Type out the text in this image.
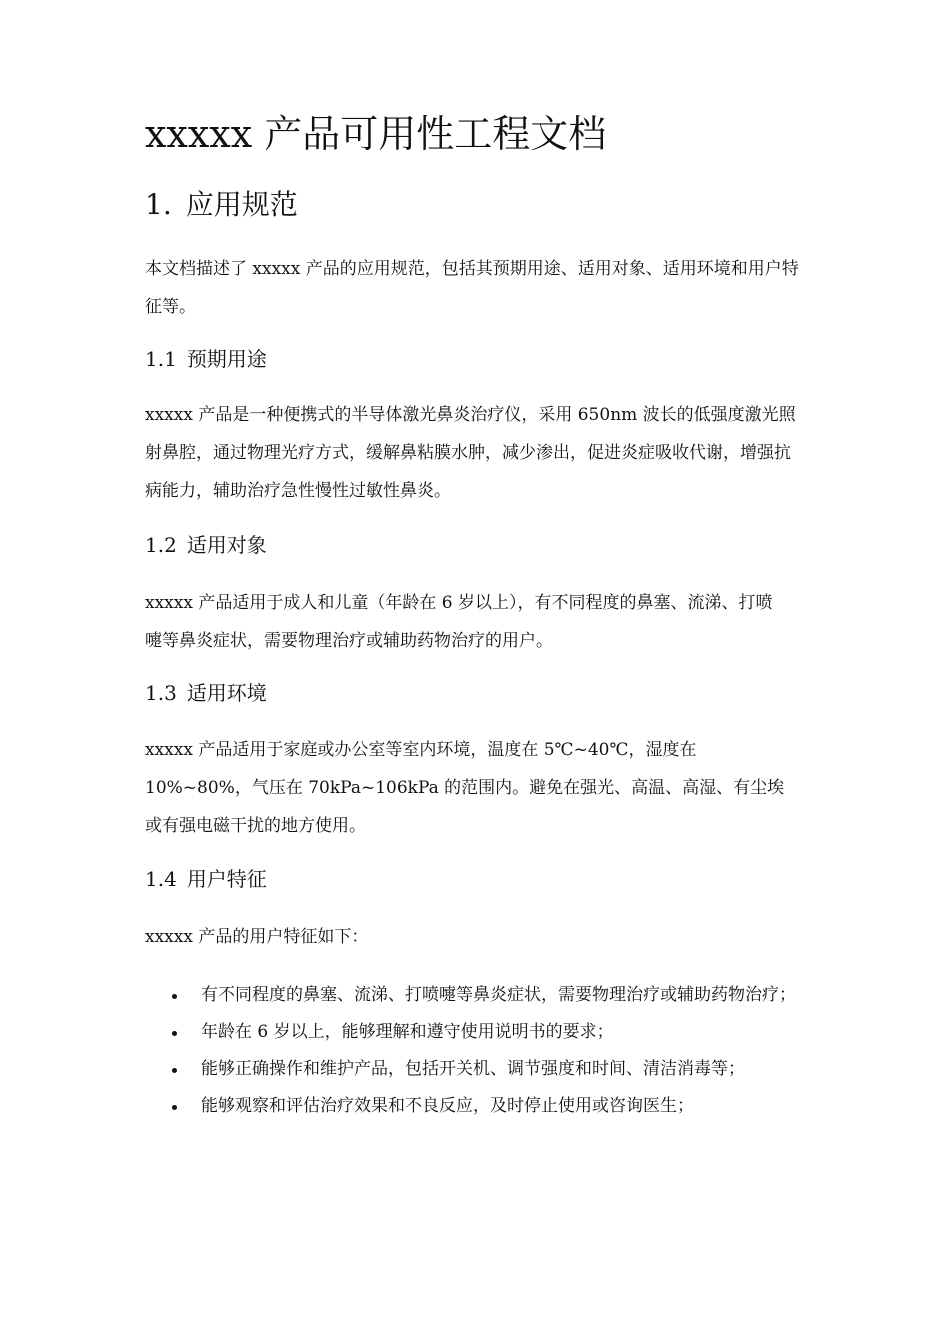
xxxxx 产品可用性工程文档
1. 应用规范

本文档描述了 xxxxx 产品的应用规范，包括其预期用途、适用对象、适用环境和用户特征等。

1.1 预期用途

xxxxx 产品是一种便携式的半导体激光鼻炎治疗仪，采用 650nm 波长的低强度激光照射鼻腔，通过物理光疗方式，缓解鼻粘膜水肿，减少渗出，促进炎症吸收代谢，增强抗病能力，辅助治疗急性慢性过敏性鼻炎。

1.2 适用对象

xxxxx 产品适用于成人和儿童（年龄在 6 岁以上），有不同程度的鼻塞、流涕、打喷嚏等鼻炎症状，需要物理治疗或辅助药物治疗的用户。

1.3 适用环境

xxxxx 产品适用于家庭或办公室等室内环境，温度在 5℃~40℃，湿度在 10%~80%，气压在 70kPa~106kPa 的范围内。避免在强光、高温、高湿、有尘埃或有强电磁干扰的地方使用。

1.4 用户特征

xxxxx 产品的用户特征如下：

有不同程度的鼻塞、流涕、打喷嚏等鼻炎症状，需要物理治疗或辅助药物治疗；
年龄在 6 岁以上，能够理解和遵守使用说明书的要求；
能够正确操作和维护产品，包括开关机、调节强度和时间、清洁消毒等；
能够观察和评估治疗效果和不良反应，及时停止使用或咨询医生；
